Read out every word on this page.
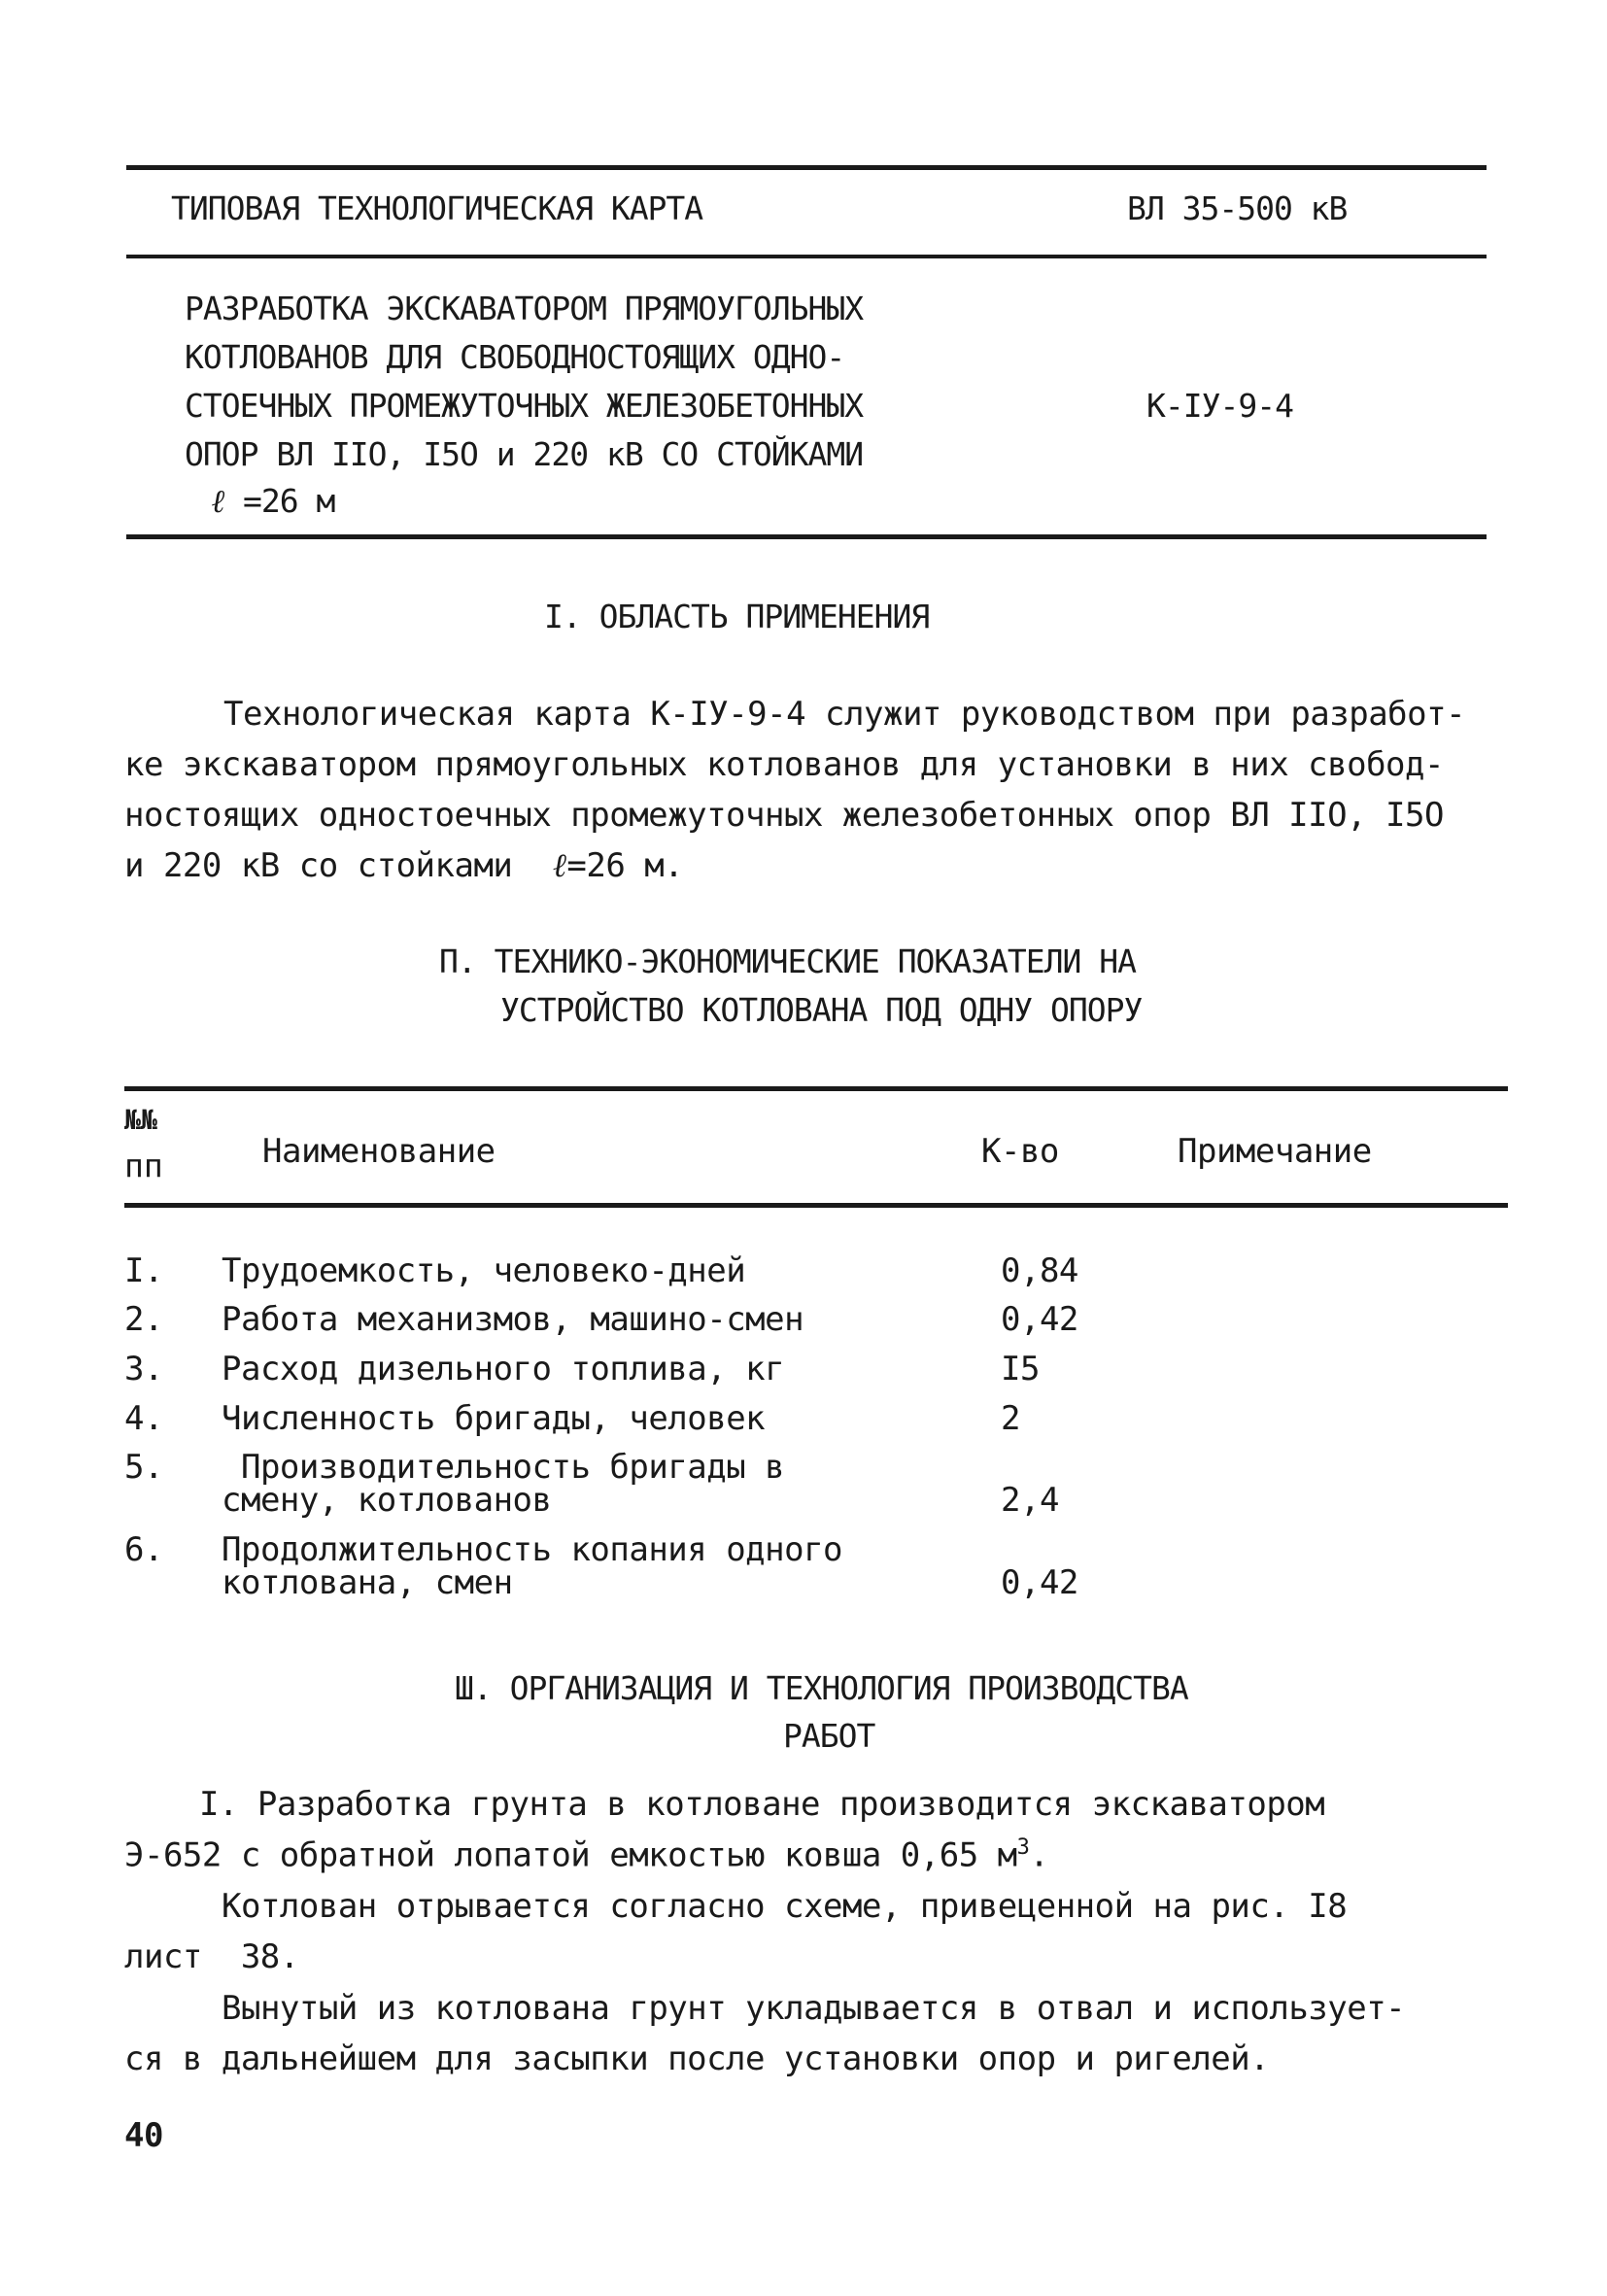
ТИПОВАЯ ТЕХНОЛОГИЧЕСКАЯ КАРТА	ВЛ 35-500 кВ
РАЗРАБОТКА ЭКСКАВАТОРОМ ПРЯМОУГОЛЬНЫХ
КОТЛОВАНОВ ДЛЯ СВОБОДНОСТОЯЩИХ ОДНО-
СТОЕЧНЫХ ПРОМЕЖУТОЧНЫХ ЖЕЛЕЗОБЕТОННЫХ
ОПОР ВЛ IIO, I5O и 220 кВ СО СТОЙКАМИ
ℓ =26 м
К-IУ-9-4
I. ОБЛАСТЬ ПРИМЕНЕНИЯ
Технологическая карта К-IУ-9-4 служит руководством при разработ-
ке экскаватором прямоугольных котлованов для установки в них свобод-
ностоящих одностоечных промежуточных железобетонных опор ВЛ IIO, I5O
и 220 кВ со стойками ℓ=26 м.
П. ТЕХНИКО-ЭКОНОМИЧЕСКИЕ ПОКАЗАТЕЛИ НА
УСТРОЙСТВО КОТЛОВАНА ПОД ОДНУ ОПОРУ
№№
пп	Наименование	К-во	Примечание
I. Трудоемкость, человеко-дней	0,84
2. Работа механизмов, машино-смен	0,42
3. Расход дизельного топлива, кг	I5
4. Численность бригады, человек	2
5. Производительность бригады в
смену, котлованов	2,4
6. Продолжительность копания одного
котлована, смен	0,42
Ш. ОРГАНИЗАЦИЯ И ТЕХНОЛОГИЯ ПРОИЗВОДСТВА
РАБОТ
I. Разработка грунта в котловане производится экскаватором
Э-652 с обратной лопатой емкостью ковша 0,65 $м^3$.
Котлован отрывается согласно схеме, привеценной на рис. I8
лист  38.
Вынутый из котлована грунт укладывается в отвал и использует-
ся в дальнейшем для засыпки после установки опор и ригелей.
40
